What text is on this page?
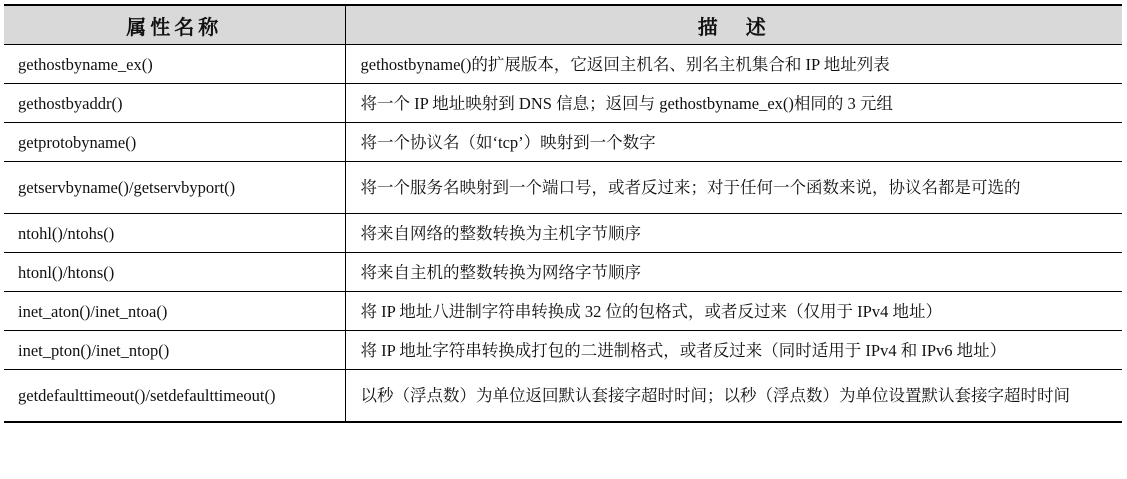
属性名称	描　述
gethostbyname_ex()	gethostbyname()的扩展版本，它返回主机名、别名主机集合和 IP 地址列表
gethostbyaddr()	将一个 IP 地址映射到 DNS 信息；返回与 gethostbyname_ex()相同的 3 元组
getprotobyname()	将一个协议名（如‘tcp’）映射到一个数字
getservbyname()/getservbyport()	将一个服务名映射到一个端口号，或者反过来；对于任何一个函数来说，协议名都是可选的
ntohl()/ntohs()	将来自网络的整数转换为主机字节顺序
htonl()/htons()	将来自主机的整数转换为网络字节顺序
inet_aton()/inet_ntoa()	将 IP 地址八进制字符串转换成 32 位的包格式，或者反过来（仅用于 IPv4 地址）
inet_pton()/inet_ntop()	将 IP 地址字符串转换成打包的二进制格式，或者反过来（同时适用于 IPv4 和 IPv6 地址）
getdefaulttimeout()/setdefaulttimeout()	以秒（浮点数）为单位返回默认套接字超时时间；以秒（浮点数）为单位设置默认套接字超时时间
